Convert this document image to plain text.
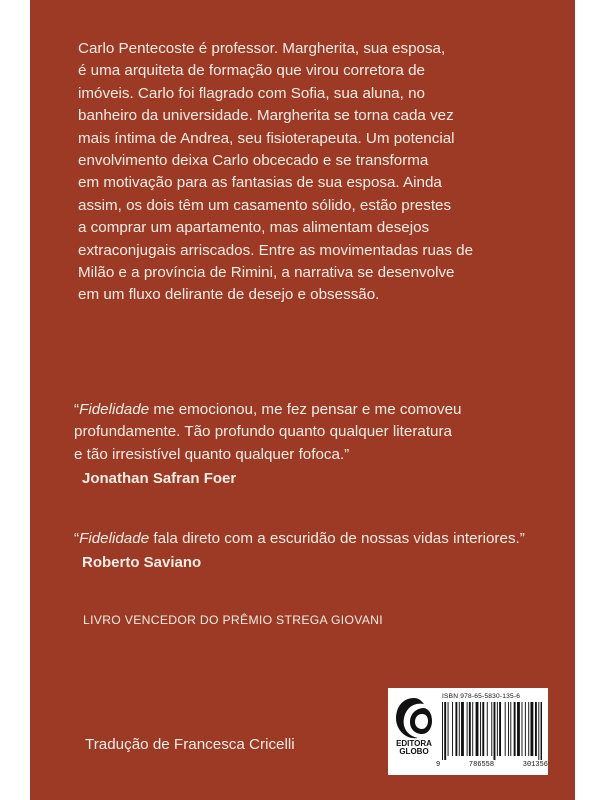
Carlo Pentecoste é professor. Margherita, sua esposa,
é uma arquiteta de formação que virou corretora de
imóveis. Carlo foi flagrado com Sofia, sua aluna, no
banheiro da universidade. Margherita se torna cada vez
mais íntima de Andrea, seu fisioterapeuta. Um potencial
envolvimento deixa Carlo obcecado e se transforma
em motivação para as fantasias de sua esposa. Ainda
assim, os dois têm um casamento sólido, estão prestes
a comprar um apartamento, mas alimentam desejos
extraconjugais arriscados. Entre as movimentadas ruas de
Milão e a província de Rimini, a narrativa se desenvolve
em um fluxo delirante de desejo e obsessão.
“Fidelidade me emocionou, me fez pensar e me comoveu
profundamente. Tão profundo quanto qualquer literatura
e tão irresistível quanto qualquer fofoca.”
Jonathan Safran Foer
“Fidelidade fala direto com a escuridão de nossas vidas interiores.”
Roberto Saviano
LIVRO VENCEDOR DO PRÊMIO STREGA GIOVANI
Tradução de Francesca Cricelli	EDITORA
GLOBO
ISBN 978-65-5830-135-6
9	786558	301356
